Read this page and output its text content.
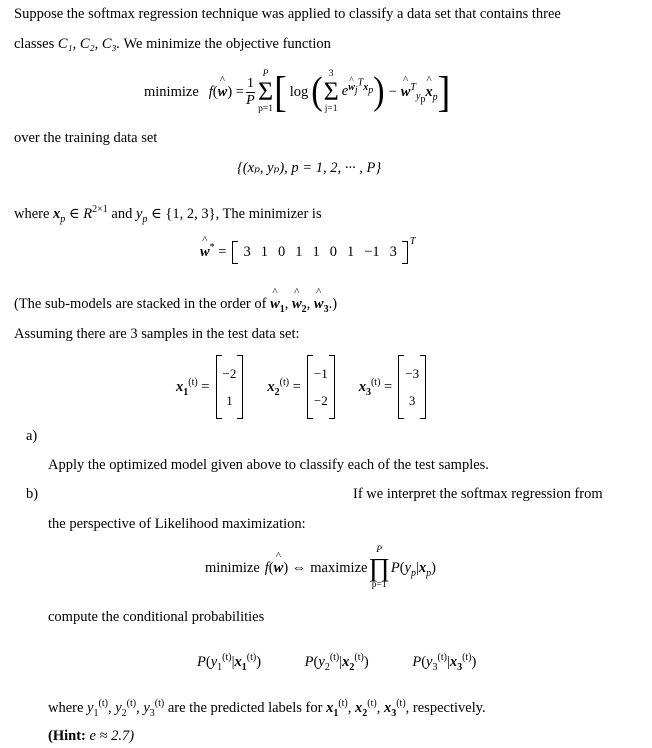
Suppose the softmax regression technique was applied to classify a data set that contains three
classes C₁, C₂, C₃. We minimize the objective function
minimize f(w ^) = $\frac{1}{P}$
P
Σ
p=1 [ log ( 3
Σ
j=1
$e^{w_j^Tx_p}$ ) − w ^$^T_{y_p}$x $\^{}_p$ ]
over the training data set
{(xₚ, yₚ), p = 1, 2, ··· , P}
where $x_p$ ∈ $R^{2\times 1}$ and $y_p$ ∈ {1, 2, 3}, The minimizer is
w ^* =	3 1 0 1 1 0 1 −1 3
T
(The sub-models are stacked in the order of w $\^{}_1$, w $\^{}_2$, w $\^{}_3$.)
Assuming there are 3 samples in the test data set:
$x_1^{(t)}$ =
−2
1
$x_2^{(t)}$ =
−1
−2
$x_3^{(t)}$ =
−3
3
a)
Apply the optimized model given above to classify each of the test samples.
b)	If we interpret the softmax regression from
the perspective of Likelihood maximization:
minimize f(w ^) ⇔ maximize
P
∏
p=1
$P(y_p|x_p)$
compute the conditional probabilities
$P(y_1^{(t)}|x_1^{(t)})$	$P(y_2^{(t)}|x_2^{(t)})$	$P(y_3^{(t)}|x_3^{(t)})$
where $y_1^{(t)}$, $y_2^{(t)}$, $y_3^{(t)}$ are the predicted labels for $x_1^{(t)}$, $x_2^{(t)}$, $x_3^{(t)}$, respectively.
(Hint: e ≈ 2.7)
